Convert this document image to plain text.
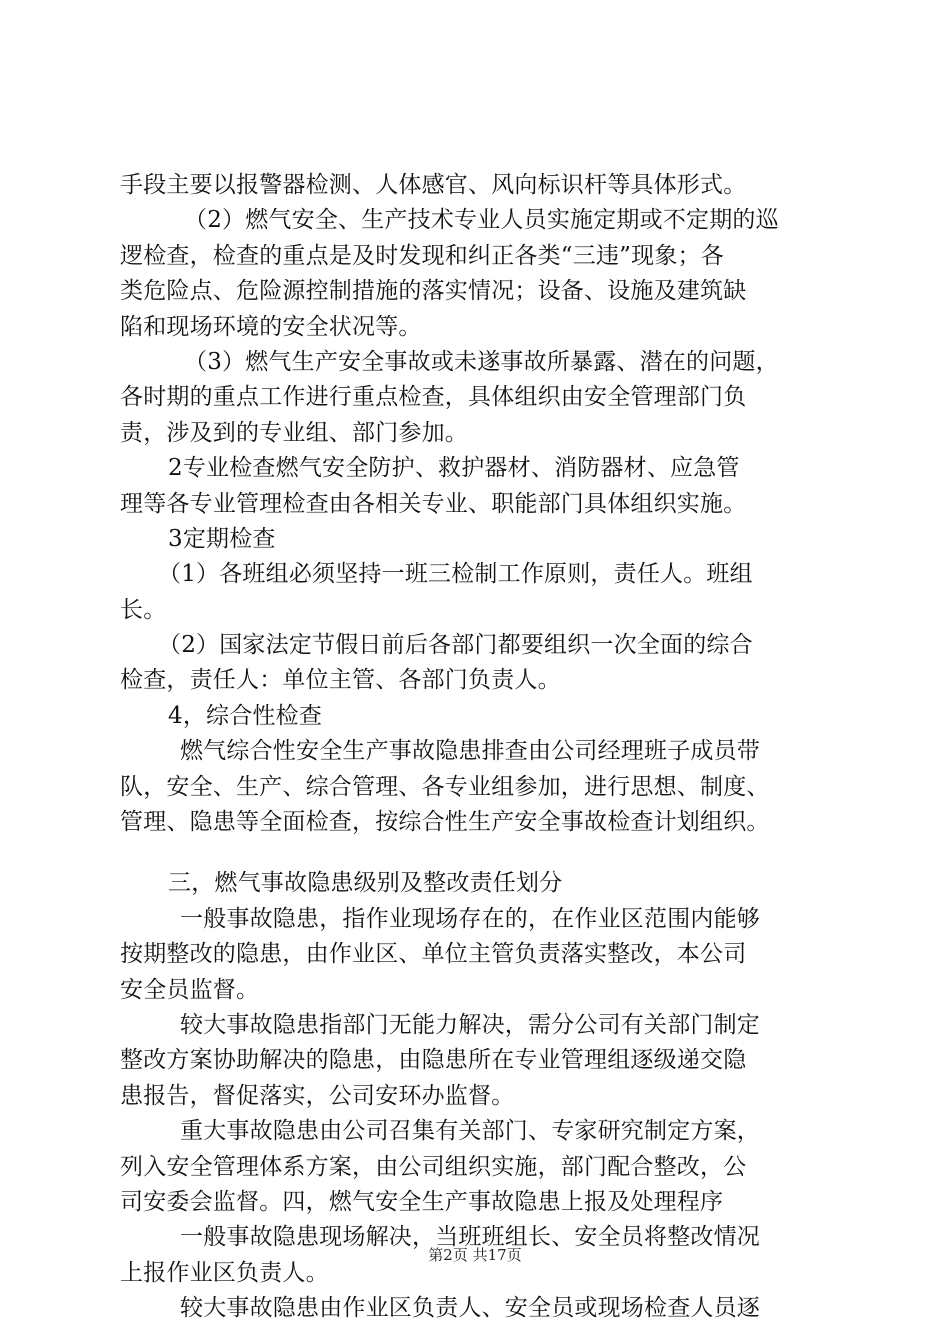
手段主要以报警器检测、人体感官、风向标识杆等具体形式。
（2）燃气安全、生产技术专业人员实施定期或不定期的巡
逻检查，检查的重点是及时发现和纠正各类“三违”现象；各
类危险点、危险源控制措施的落实情况；设备、设施及建筑缺
陷和现场环境的安全状况等。
（3）燃气生产安全事故或未遂事故所暴露、潜在的问题，
各时期的重点工作进行重点检查，具体组织由安全管理部门负
责，涉及到的专业组、部门参加。
2专业检查燃气安全防护、救护器材、消防器材、应急管
理等各专业管理检查由各相关专业、职能部门具体组织实施。
3定期检查
（1）各班组必须坚持一班三检制工作原则，责任人。班组
长。
（2）国家法定节假日前后各部门都要组织一次全面的综合
检查，责任人：单位主管、各部门负责人。
4，综合性检查
燃气综合性安全生产事故隐患排查由公司经理班子成员带
队，安全、生产、综合管理、各专业组参加，进行思想、制度、
管理、隐患等全面检查，按综合性生产安全事故检查计划组织。
三，燃气事故隐患级别及整改责任划分
一般事故隐患，指作业现场存在的，在作业区范围内能够
按期整改的隐患，由作业区、单位主管负责落实整改，本公司
安全员监督。
较大事故隐患指部门无能力解决，需分公司有关部门制定
整改方案协助解决的隐患，由隐患所在专业管理组逐级递交隐
患报告，督促落实，公司安环办监督。
重大事故隐患由公司召集有关部门、专家研究制定方案，
列入安全管理体系方案，由公司组织实施，部门配合整改，公
司安委会监督。四，燃气安全生产事故隐患上报及处理程序
一般事故隐患现场解决，当班班组长、安全员将整改情况
上报作业区负责人。
较大事故隐患由作业区负责人、安全员或现场检查人员逐
第2页 共17页
